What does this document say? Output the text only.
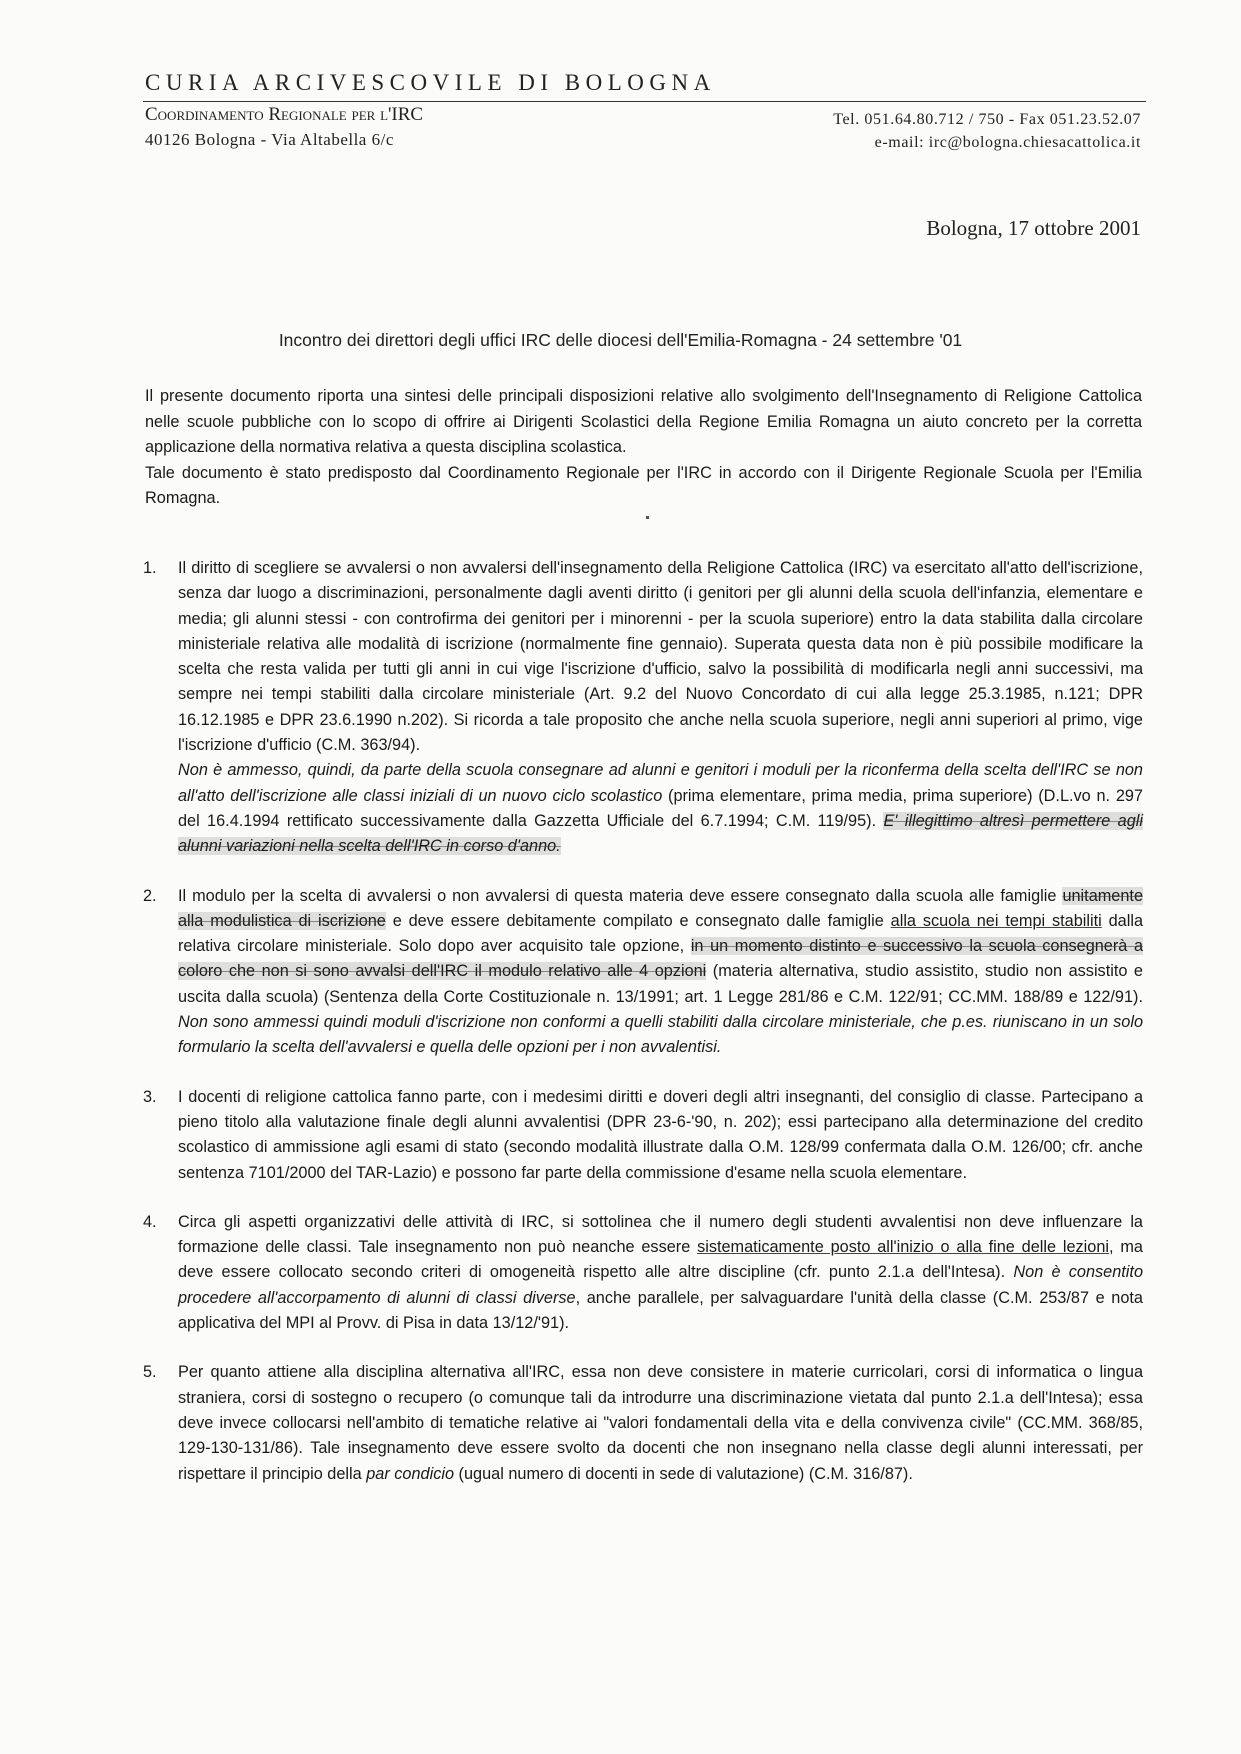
CURIA ARCIVESCOVILE DI BOLOGNA
Coordinamento Regionale per l'IRC
40126 Bologna - Via Altabella 6/c
Tel. 051.64.80.712 / 750 - Fax 051.23.52.07
e-mail: irc@bologna.chiesacattolica.it
Bologna, 17 ottobre 2001
Incontro dei direttori degli uffici IRC delle diocesi dell'Emilia-Romagna - 24 settembre '01

Il presente documento riporta una sintesi delle principali disposizioni relative allo svolgimento dell'Insegnamento di Religione Cattolica nelle scuole pubbliche con lo scopo di offrire ai Dirigenti Scolastici della Regione Emilia Romagna un aiuto concreto per la corretta applicazione della normativa relativa a questa disciplina scolastica.

Tale documento è stato predisposto dal Coordinamento Regionale per l'IRC in accordo con il Dirigente Regionale Scuola per l'Emilia Romagna.

1. Il diritto di scegliere se avvalersi o non avvalersi dell'insegnamento della Religione Cattolica (IRC) va esercitato all'atto dell'iscrizione, senza dar luogo a discriminazioni, personalmente dagli aventi diritto (i genitori per gli alunni della scuola dell'infanzia, elementare e media; gli alunni stessi - con controfirma dei genitori per i minorenni - per la scuola superiore) entro la data stabilita dalla circolare ministeriale relativa alle modalità di iscrizione (normalmente fine gennaio). Superata questa data non è più possibile modificare la scelta che resta valida per tutti gli anni in cui vige l'iscrizione d'ufficio, salvo la possibilità di modificarla negli anni successivi, ma sempre nei tempi stabiliti dalla circolare ministeriale (Art. 9.2 del Nuovo Concordato di cui alla legge 25.3.1985, n.121; DPR 16.12.1985 e DPR 23.6.1990 n.202). Si ricorda a tale proposito che anche nella scuola superiore, negli anni superiori al primo, vige l'iscrizione d'ufficio (C.M. 363/94).
Non è ammesso, quindi, da parte della scuola consegnare ad alunni e genitori i moduli per la riconferma della scelta dell'IRC se non all'atto dell'iscrizione alle classi iniziali di un nuovo ciclo scolastico (prima elementare, prima media, prima superiore) (D.L.vo n. 297 del 16.4.1994 rettificato successivamente dalla Gazzetta Ufficiale del 6.7.1994; C.M. 119/95). E' illegittimo altresì permettere agli alunni variazioni nella scelta dell'IRC in corso d'anno.
2. Il modulo per la scelta di avvalersi o non avvalersi di questa materia deve essere consegnato dalla scuola alle famiglie unitamente alla modulistica di iscrizione e deve essere debitamente compilato e consegnato dalle famiglie alla scuola nei tempi stabiliti dalla relativa circolare ministeriale. Solo dopo aver acquisito tale opzione, in un momento distinto e successivo la scuola consegnerà a coloro che non si sono avvalsi dell'IRC il modulo relativo alle 4 opzioni (materia alternativa, studio assistito, studio non assistito e uscita dalla scuola) (Sentenza della Corte Costituzionale n. 13/1991; art. 1 Legge 281/86 e C.M. 122/91; CC.MM. 188/89 e 122/91). Non sono ammessi quindi moduli d'iscrizione non conformi a quelli stabiliti dalla circolare ministeriale, che p.es. riuniscano in un solo formulario la scelta dell'avvalersi e quella delle opzioni per i non avvalentisi.
3. I docenti di religione cattolica fanno parte, con i medesimi diritti e doveri degli altri insegnanti, del consiglio di classe. Partecipano a pieno titolo alla valutazione finale degli alunni avvalentisi (DPR 23-6-'90, n. 202); essi partecipano alla determinazione del credito scolastico di ammissione agli esami di stato (secondo modalità illustrate dalla O.M. 128/99 confermata dalla O.M. 126/00; cfr. anche sentenza 7101/2000 del TAR-Lazio) e possono far parte della commissione d'esame nella scuola elementare.
4. Circa gli aspetti organizzativi delle attività di IRC, si sottolinea che il numero degli studenti avvalentisi non deve influenzare la formazione delle classi. Tale insegnamento non può neanche essere sistematicamente posto all'inizio o alla fine delle lezioni, ma deve essere collocato secondo criteri di omogeneità rispetto alle altre discipline (cfr. punto 2.1.a dell'Intesa). Non è consentito procedere all'accorpamento di alunni di classi diverse, anche parallele, per salvaguardare l'unità della classe (C.M. 253/87 e nota applicativa del MPI al Provv. di Pisa in data 13/12/'91).
5. Per quanto attiene alla disciplina alternativa all'IRC, essa non deve consistere in materie curricolari, corsi di informatica o lingua straniera, corsi di sostegno o recupero (o comunque tali da introdurre una discriminazione vietata dal punto 2.1.a dell'Intesa); essa deve invece collocarsi nell'ambito di tematiche relative ai "valori fondamentali della vita e della convivenza civile" (CC.MM. 368/85, 129-130-131/86). Tale insegnamento deve essere svolto da docenti che non insegnano nella classe degli alunni interessati, per rispettare il principio della par condicio (ugual numero di docenti in sede di valutazione) (C.M. 316/87).
